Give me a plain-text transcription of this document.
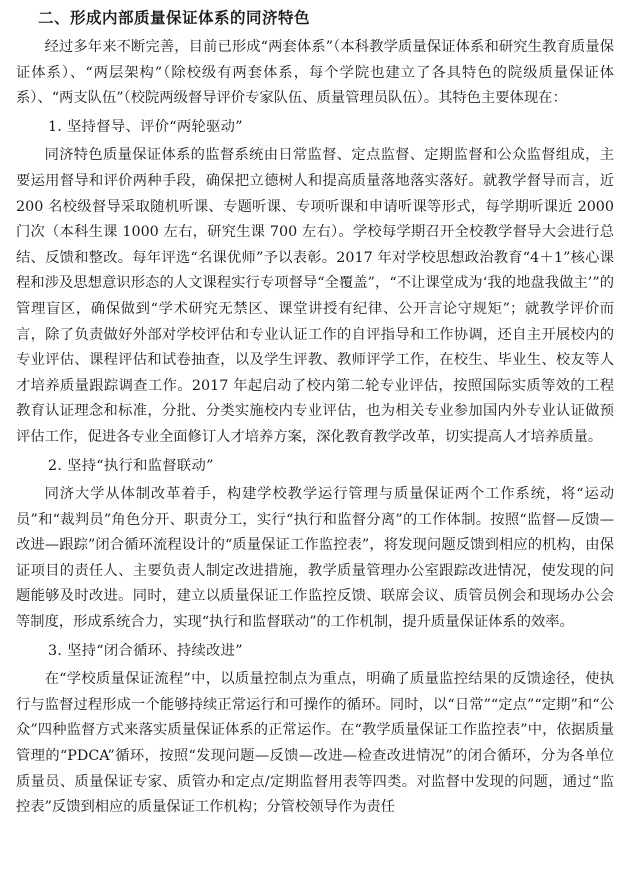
二、形成内部质量保证体系的同济特色

经过多年来不断完善，目前已形成“两套体系”（本科教学质量保证体系和研究生教育质量保证体系）、“两层架构”（除校级有两套体系，每个学院也建立了各具特色的院级质量保证体系）、“两支队伍”（校院两级督导评价专家队伍、质量管理员队伍）。其特色主要体现在：

1. 坚持督导、评价“两轮驱动”

同济特色质量保证体系的监督系统由日常监督、定点监督、定期监督和公众监督组成，主要运用督导和评价两种手段，确保把立德树人和提高质量落地落实落好。就教学督导而言，近 200 名校级督导采取随机听课、专题听课、专项听课和申请听课等形式，每学期听课近 2000 门次（本科生课 1000 左右，研究生课 700 左右）。学校每学期召开全校教学督导大会进行总结、反馈和整改。每年评选“名课优师”予以表彰。2017 年对学校思想政治教育“4＋1”核心课程和涉及思想意识形态的人文课程实行专项督导“全覆盖”，“不让课堂成为‘我的地盘我做主’”的管理盲区，确保做到“学术研究无禁区、课堂讲授有纪律、公开言论守规矩”；就教学评价而言，除了负责做好外部对学校评估和专业认证工作的自评指导和工作协调，还自主开展校内的专业评估、课程评估和试卷抽查，以及学生评教、教师评学工作，在校生、毕业生、校友等人才培养质量跟踪调查工作。2017 年起启动了校内第二轮专业评估，按照国际实质等效的工程教育认证理念和标准，分批、分类实施校内专业评估，也为相关专业参加国内外专业认证做预评估工作，促进各专业全面修订人才培养方案，深化教育教学改革，切实提高人才培养质量。

2. 坚持“执行和监督联动”

同济大学从体制改革着手，构建学校教学运行管理与质量保证两个工作系统，将“运动员”和“裁判员”角色分开、职责分工，实行“执行和监督分离”的工作体制。按照“监督—反馈—改进—跟踪”闭合循环流程设计的“质量保证工作监控表”，将发现问题反馈到相应的机构，由保证项目的责任人、主要负责人制定改进措施，教学质量管理办公室跟踪改进情况，使发现的问题能够及时改进。同时，建立以质量保证工作监控反馈、联席会议、质管员例会和现场办公会等制度，形成系统合力，实现“执行和监督联动”的工作机制，提升质量保证体系的效率。

3. 坚持“闭合循环、持续改进”

在“学校质量保证流程”中，以质量控制点为重点，明确了质量监控结果的反馈途径，使执行与监督过程形成一个能够持续正常运行和可操作的循环。同时，以“日常”“定点”“定期”和“公众”四种监督方式来落实质量保证体系的正常运作。在“教学质量保证工作监控表”中，依据质量管理的“PDCA”循环，按照“发现问题—反馈—改进—检查改进情况”的闭合循环，分为各单位质量员、质量保证专家、质管办和定点/定期监督用表等四类。对监督中发现的问题，通过“监控表”反馈到相应的质量保证工作机构；分管校领导作为责任
